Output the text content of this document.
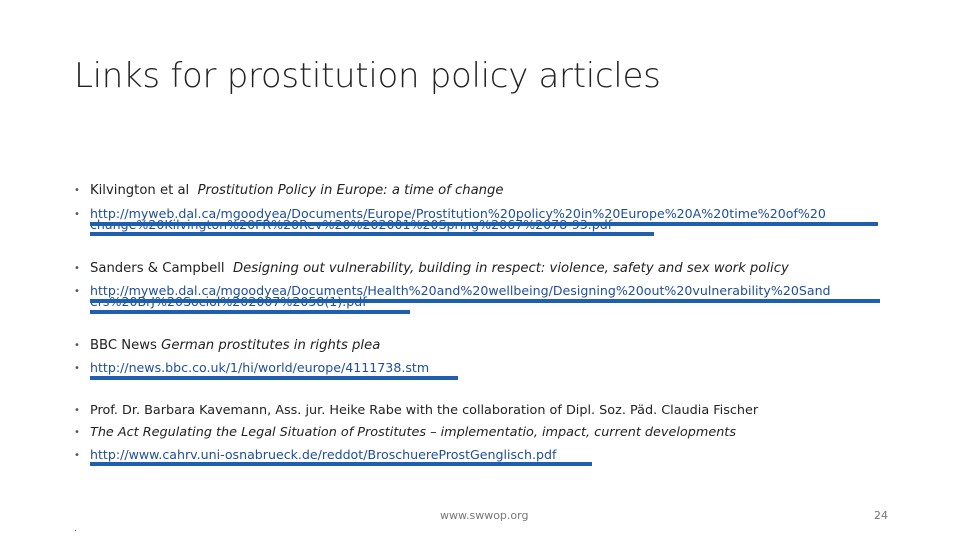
Links for prostitution policy articles
• Kilvington et al Prostitution Policy in Europe: a time of change
• http://myweb.dal.ca/mgoodyea/Documents/Europe/Prostitution%20policy%20in%20Europe%20A%20time%20of%20
• Sanders & Campbell Designing out vulnerability, building in respect: violence, safety and sex work policy
• http://myweb.dal.ca/mgoodyea/Documents/Health%20and%20wellbeing/Designing%20out%20vulnerability%20Sand
• BBC News German prostitutes in rights plea
• http://news.bbc.co.uk/1/hi/world/europe/4111738.stm
• Prof. Dr. Barbara Kavemann, Ass. jur. Heike Rabe with the collaboration of Dipl. Soz. Päd. Claudia Fischer
• The Act Regulating the Legal Situation of Prostitutes – implementatio, impact, current developments
• http://www.cahrv.uni-osnabrueck.de/reddot/BroschuereProstGenglisch.pdf
www.swwop.org	24
.
